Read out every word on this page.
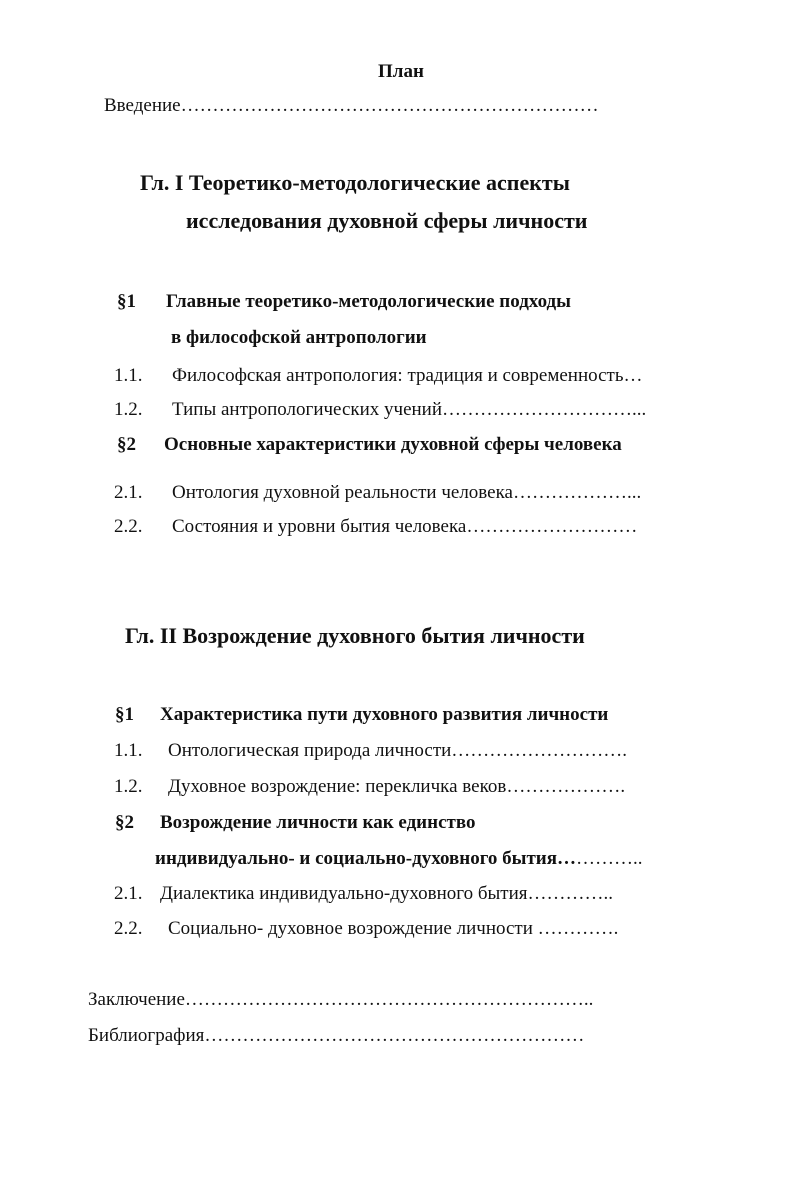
План
Введение…………………………………………………………
Гл. I Теоретико-методологические аспекты
исследования духовной сферы личности
§1 Главные теоретико-методологические подходы
в философской антропологии
1.1. Философская антропология: традиция и современность…
1.2. Типы антропологических учений…………………………...
§2 Основные характеристики духовной сферы человека
2.1. Онтология духовной реальности человека………………...
2.2. Состояния и уровни бытия человека………………………
Гл. II Возрождение духовного бытия личности
§1 Характеристика пути духовного развития личности
1.1. Онтологическая природа личности……………………….
1.2. Духовное возрождение: перекличка веков……………….
§2 Возрождение личности как единство
индивидуально- и социально-духовного бытия…………..
2.1. Диалектика индивидуально-духовного бытия…………..
2.2. Социально- духовное возрождение личности ………….
Заключение………………………………………………………..
Библиография……………………………………………………
